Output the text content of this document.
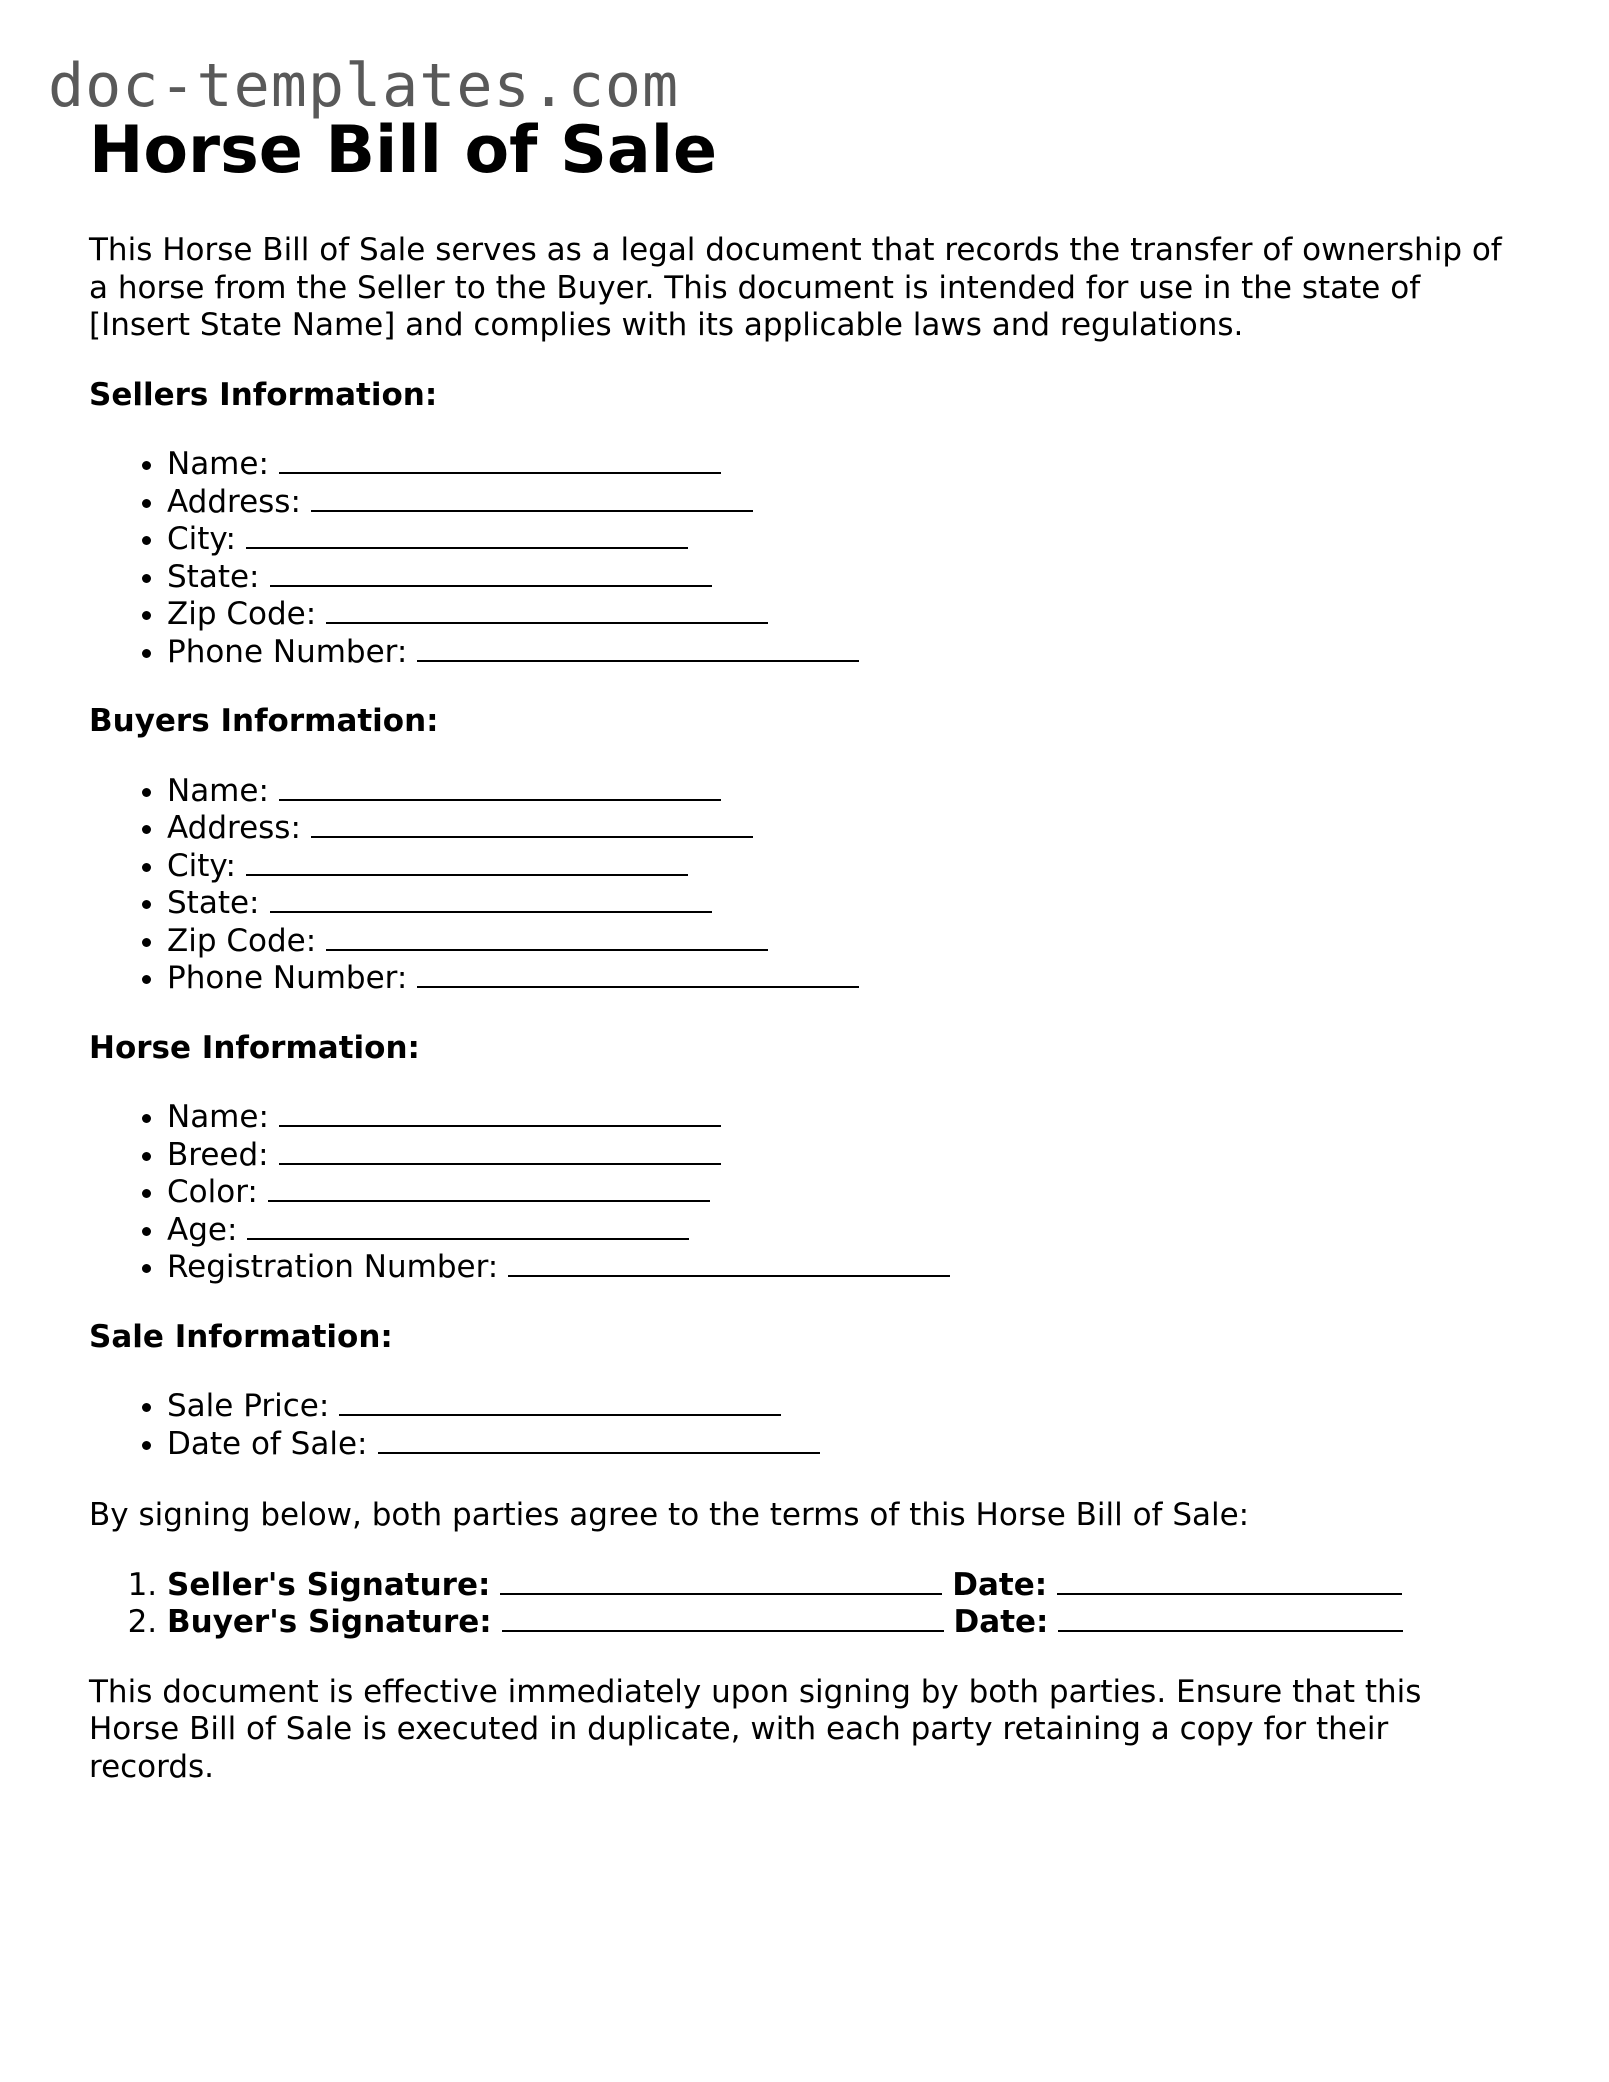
doc-templates.com
Horse Bill of Sale

This Horse Bill of Sale serves as a legal document that records the transfer of ownership of a horse from the Seller to the Buyer. This document is intended for use in the state of [Insert State Name] and complies with its applicable laws and regulations.

Sellers Information:

• Name:
• Address:
• City:
• State:
• Zip Code:
• Phone Number:

Buyers Information:

• Name:
• Address:
• City:
• State:
• Zip Code:
• Phone Number:

Horse Information:

• Name:
• Breed:
• Color:
• Age:
• Registration Number:

Sale Information:

• Sale Price:
• Date of Sale:

By signing below, both parties agree to the terms of this Horse Bill of Sale:

1. Seller's Signature:	Date:
2. Buyer's Signature:	Date:

This document is effective immediately upon signing by both parties. Ensure that this Horse Bill of Sale is executed in duplicate, with each party retaining a copy for their records.
